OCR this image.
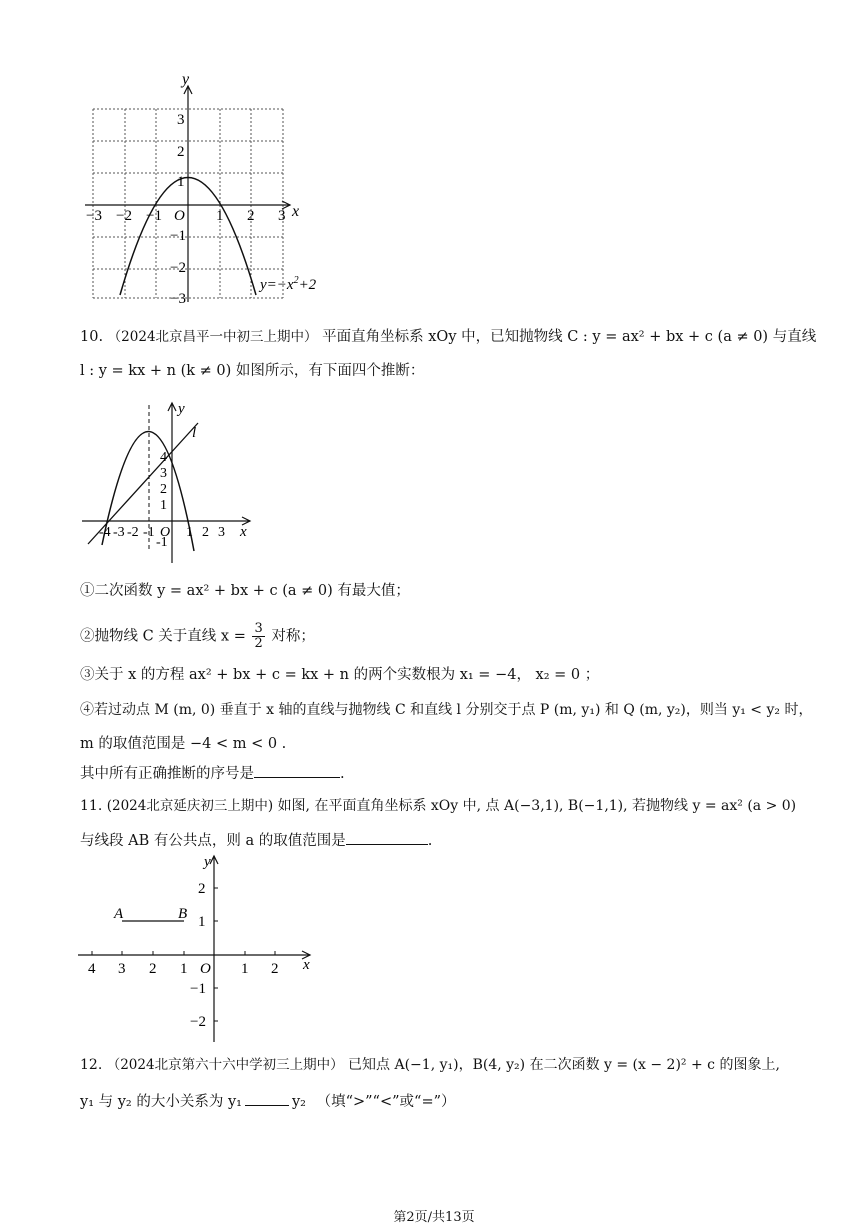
y
x
O
−3 −2 −1	1 2 3
3
2
1
−1
−2
−3
$y=-x^2+2$
10. （2024北京昌平一中初三上期中） 平面直角坐标系 xOy 中，已知抛物线 C : y = ax² + bx + c (a ≠ 0) 与直线
l : y = kx + n (k ≠ 0) 如图所示，有下面四个推断：
y
x
l
O
-4 -3 -2 -1 1 2 3
4
3
2
1
-1
①二次函数 y = ax² + bx + c (a ≠ 0) 有最大值；
②抛物线 C 关于直线 $x = \frac{3}{2}$ 对称；
③关于 x 的方程 ax² + bx + c = kx + n 的两个实数根为 x₁ = −4， x₂ = 0 ；
④若过动点 M (m, 0) 垂直于 x 轴的直线与抛物线 C 和直线 l 分别交于点 P (m, y₁) 和 Q (m, y₂)，则当 y₁ < y₂ 时，
m 的取值范围是 −4 < m < 0 .
其中所有正确推断的序号是	.
11. (2024北京延庆初三上期中) 如图, 在平面直角坐标系 xOy 中, 点 A(−3,1), B(−1,1), 若抛物线 y = ax² (a > 0)
与线段 AB 有公共点，则 a 的取值范围是	.
A	B
y
x
O
4 3 2 1	1 2
2
1
−1
−2
12. （2024北京第六十六中学初三上期中） 已知点 A(−1, y₁)，B(4, y₂) 在二次函数 y = (x − 2)² + c 的图象上,
y₁ 与 y₂ 的大小关系为 y₁	y₂ （填“>”“<”或“=”）
第2页/共13页
